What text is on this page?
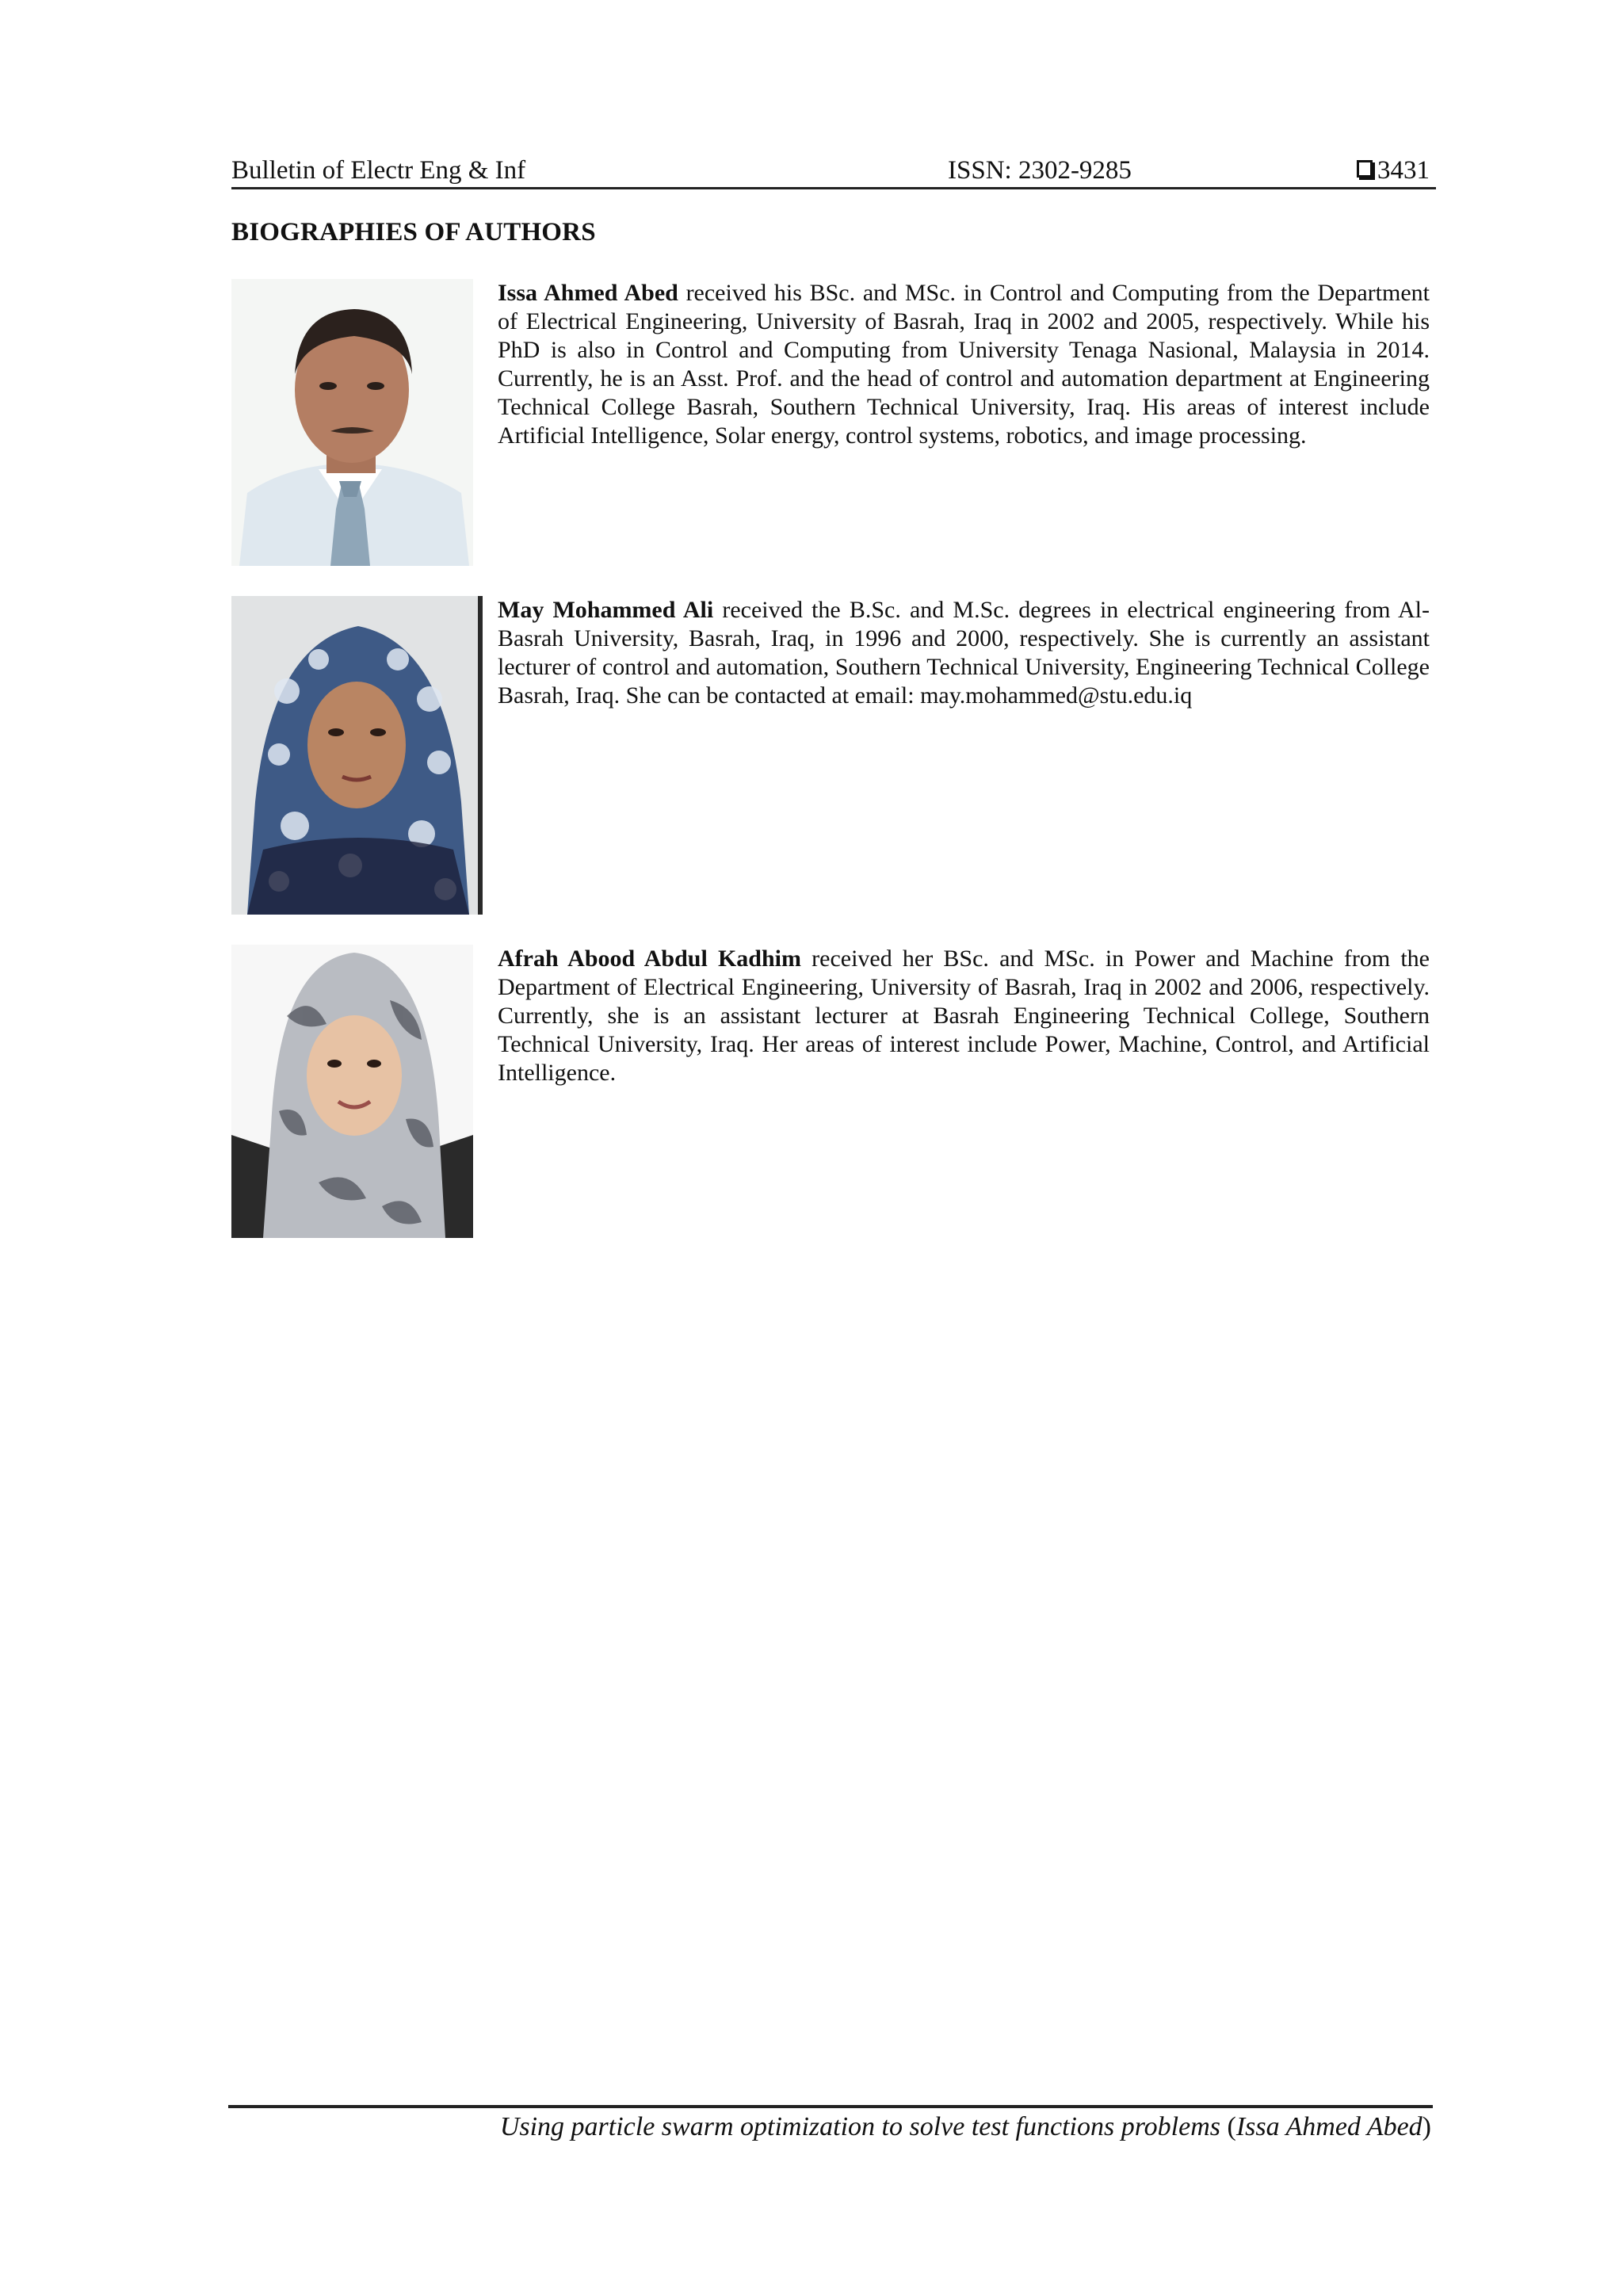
Bulletin of Electr Eng & Inf	ISSN: 2302-9285	3431
BIOGRAPHIES OF AUTHORS
Issa Ahmed Abed received his BSc. and MSc. in Control and Computing from the Department of Electrical Engineering, University of Basrah, Iraq in 2002 and 2005, respectively. While his PhD is also in Control and Computing from University Tenaga Nasional, Malaysia in 2014. Currently, he is an Asst. Prof. and the head of control and automation department at Engineering Technical College Basrah, Southern Technical University, Iraq. His areas of interest include Artificial Intelligence, Solar energy, control systems, robotics, and image processing.
May Mohammed Ali received the B.Sc. and M.Sc. degrees in electrical engineering from Al-Basrah University, Basrah, Iraq, in 1996 and 2000, respectively. She is currently an assistant lecturer of control and automation, Southern Technical University, Engineering Technical College Basrah, Iraq. She can be contacted at email: may.mohammed@stu.edu.iq
Afrah Abood Abdul Kadhim received her BSc. and MSc. in Power and Machine from the Department of Electrical Engineering, University of Basrah, Iraq in 2002 and 2006, respectively. Currently, she is an assistant lecturer at Basrah Engineering Technical College, Southern Technical University, Iraq. Her areas of interest include Power, Machine, Control, and Artificial Intelligence.
Using particle swarm optimization to solve test functions problems (Issa Ahmed Abed)
